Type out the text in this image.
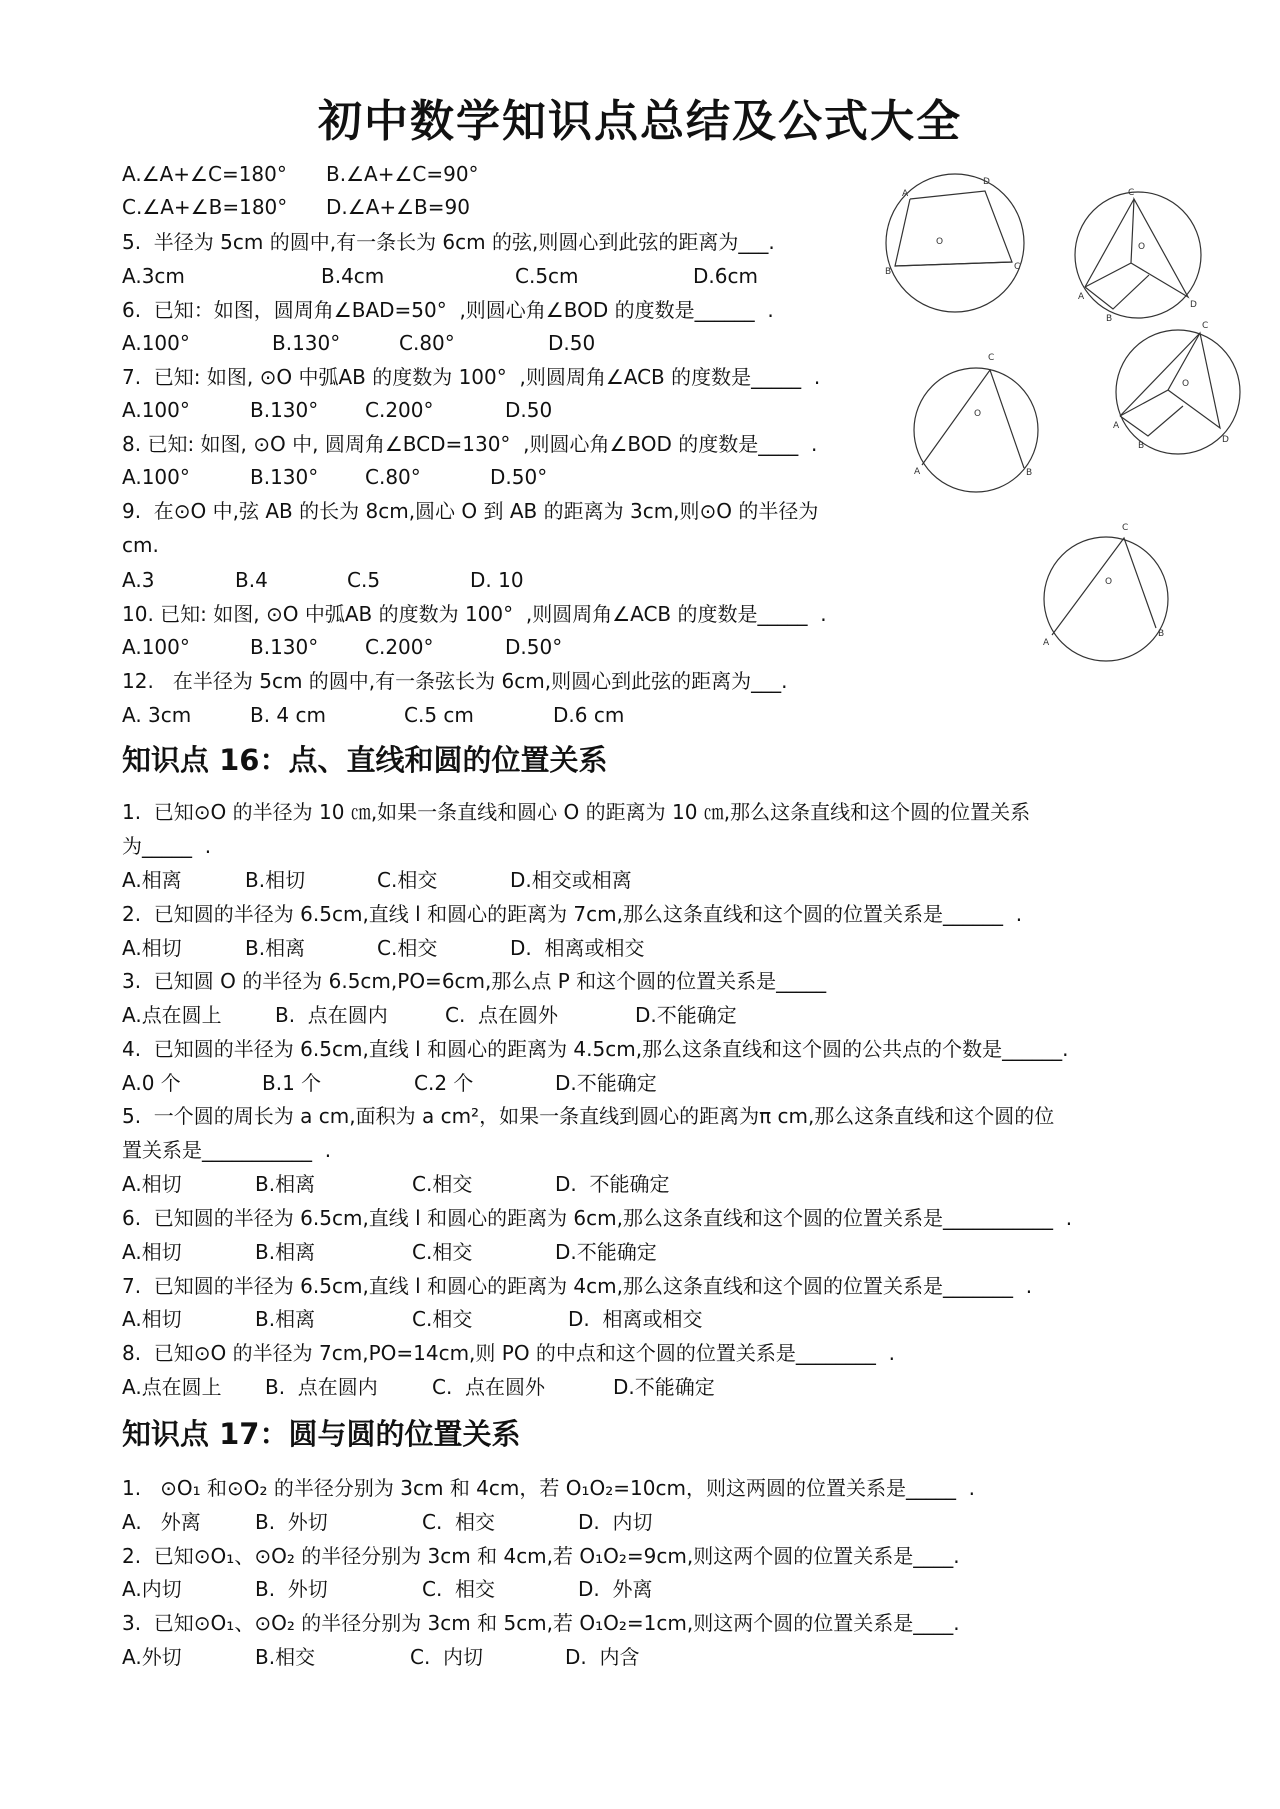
初中数学知识点总结及公式大全
A.∠A+∠C=180° B.∠A+∠C=90°
C.∠A+∠B=180° D.∠A+∠B=90
5.  半径为 5cm 的圆中,有一条长为 6cm 的弦,则圆心到此弦的距离为___.
A.3cm	B.4cm	C.5cm	D.6cm
6.  已知：如图，圆周角∠BAD=50°  ,则圆心角∠BOD 的度数是______  .
A.100°	B.130°	C.80°	D.50
7.  已知: 如图, ⊙O 中弧AB 的度数为 100°  ,则圆周角∠ACB 的度数是_____  .
A.100°	B.130° C.200°	D.50
8. 已知: 如图, ⊙O 中, 圆周角∠BCD=130°  ,则圆心角∠BOD 的度数是____  .
A.100°	B.130° C.80°	D.50°
9.  在⊙O 中,弦 AB 的长为 8cm,圆心 O 到 AB 的距离为 3cm,则⊙O 的半径为
cm.
A.3	B.4	C.5	D. 10
10. 已知: 如图, ⊙O 中弧AB 的度数为 100°  ,则圆周角∠ACB 的度数是_____  .
A.100°	B.130° C.200°	D.50°
12.   在半径为 5cm 的圆中,有一条弦长为 6cm,则圆心到此弦的距离为___.
A. 3cm	B. 4 cm	C.5 cm	D.6 cm
知识点 16：点、直线和圆的位置关系
1.  已知⊙O 的半径为 10 ㎝,如果一条直线和圆心 O 的距离为 10 ㎝,那么这条直线和这个圆的位置关系
为_____  .
A.相离	B.相切	C.相交	D.相交或相离
2.  已知圆的半径为 6.5cm,直线 l 和圆心的距离为 7cm,那么这条直线和这个圆的位置关系是______  .
A.相切	B.相离	C.相交	D.  相离或相交
3.  已知圆 O 的半径为 6.5cm,PO=6cm,那么点 P 和这个圆的位置关系是_____
A.点在圆上	B.  点在圆内	C.  点在圆外	D.不能确定
4.  已知圆的半径为 6.5cm,直线 l 和圆心的距离为 4.5cm,那么这条直线和这个圆的公共点的个数是______.
A.0 个	B.1 个	C.2 个	D.不能确定
5.  一个圆的周长为 a cm,面积为 a cm²，如果一条直线到圆心的距离为π cm,那么这条直线和这个圆的位
置关系是___________  .
A.相切	B.相离	C.相交	D.  不能确定
6.  已知圆的半径为 6.5cm,直线 l 和圆心的距离为 6cm,那么这条直线和这个圆的位置关系是___________  .
A.相切	B.相离	C.相交	D.不能确定
7.  已知圆的半径为 6.5cm,直线 l 和圆心的距离为 4cm,那么这条直线和这个圆的位置关系是_______  .
A.相切	B.相离	C.相交	D.  相离或相交
8.  已知⊙O 的半径为 7cm,PO=14cm,则 PO 的中点和这个圆的位置关系是________  .
A.点在圆上 B.  点在圆内	C.  点在圆外	D.不能确定
知识点 17：圆与圆的位置关系
1.   ⊙O₁ 和⊙O₂ 的半径分别为 3cm 和 4cm，若 O₁O₂=10cm，则这两圆的位置关系是_____  .
A.   外离	B.  外切	C.  相交	D.  内切
2.  已知⊙O₁、⊙O₂ 的半径分别为 3cm 和 4cm,若 O₁O₂=9cm,则这两个圆的位置关系是____.
A.内切	B.  外切	C.  相交	D.  外离
3.  已知⊙O₁、⊙O₂ 的半径分别为 3cm 和 5cm,若 O₁O₂=1cm,则这两个圆的位置关系是____.
A.外切	B.相交	C.  内切	D.  内含
A
B	C
D
O
A
B
C
D
O
A	B
C
O
A
B
C
D
O
A
B
C
O
